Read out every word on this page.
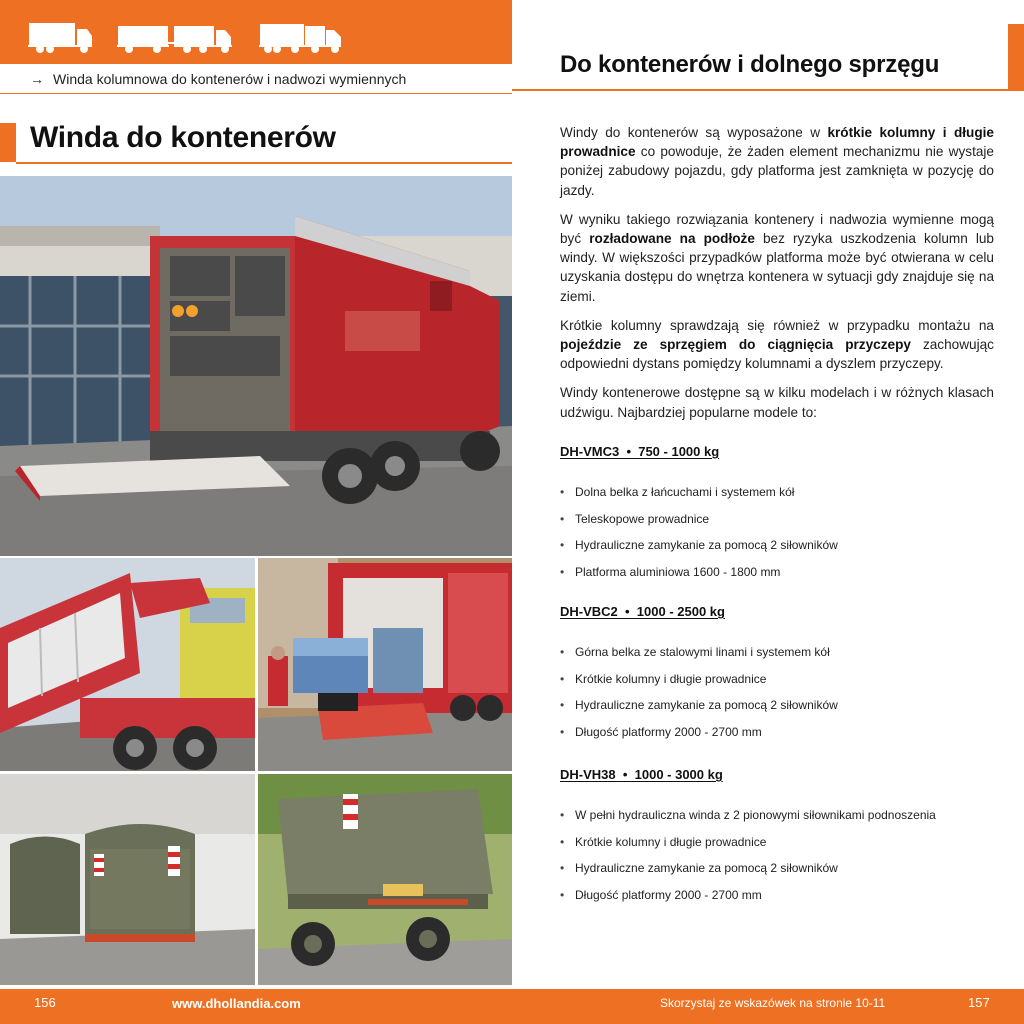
→ Winda kolumnowa do kontenerów i nadwozi wymiennych
Winda do kontenerów
156	www.dhollandia.com
Do kontenerów i dolnego sprzęgu

Windy do kontenerów są wyposażone w krótkie kolumny i długie prowadnice co powoduje, że żaden element mechanizmu nie wystaje poniżej zabudowy pojazdu, gdy platforma jest zamknięta w pozycję do jazdy.

W wyniku takiego rozwiązania kontenery i nadwozia wymienne mogą być rozładowane na podłoże bez ryzyka uszkodzenia kolumn lub windy. W większości przypadków platforma może być otwierana w celu uzyskania dostępu do wnętrza kontenera w sytuacji gdy znajduje się na ziemi.

Krótkie kolumny sprawdzają się również w przypadku montażu na pojeździe ze sprzęgiem do ciągnięcia przyczepy zachowując odpowiedni dystans pomiędzy kolumnami a dyszlem przyczepy.

Windy kontenerowe dostępne są w kilku modelach i w różnych klasach udźwigu. Najbardziej popularne modele to:

DH-VMC3  •  750 - 1000 kg
• Dolna belka z łańcuchami i systemem kół
• Teleskopowe prowadnice
• Hydrauliczne zamykanie za pomocą 2 siłowników
• Platforma aluminiowa 1600 - 1800 mm
DH-VBC2  •  1000 - 2500 kg
• Górna belka ze stalowymi linami i systemem kół
• Krótkie kolumny i długie prowadnice
• Hydrauliczne zamykanie za pomocą 2 siłowników
• Długość platformy 2000 - 2700 mm
DH-VH38  •  1000 - 3000 kg
• W pełni hydrauliczna winda z 2 pionowymi siłownikami podnoszenia
• Krótkie kolumny i długie prowadnice
• Hydrauliczne zamykanie za pomocą 2 siłowników
• Długość platformy 2000 - 2700 mm
Skorzystaj ze wskazówek na stronie 10-11	157
